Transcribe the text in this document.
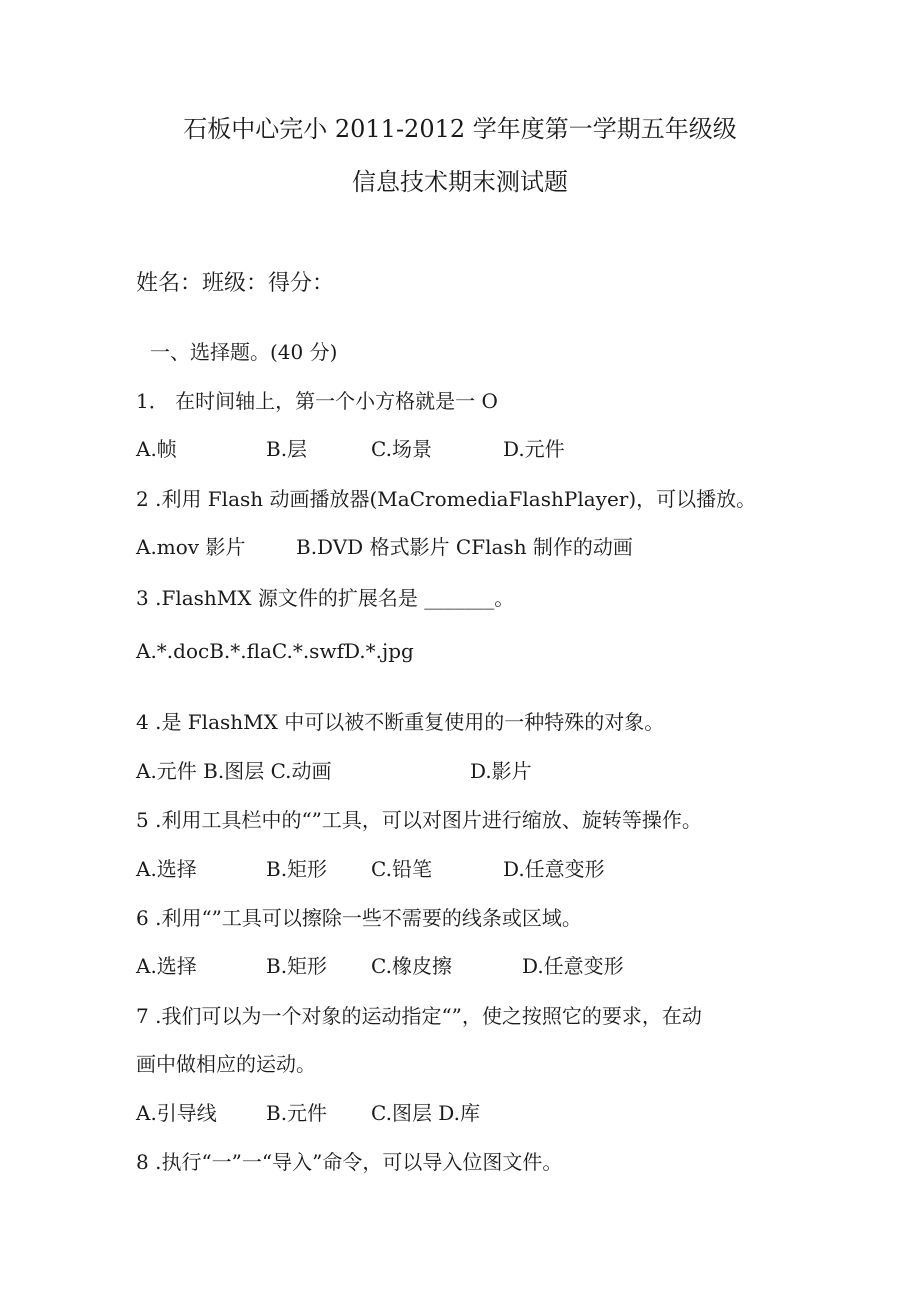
石板中心完小 2011-2012 学年度第一学期五年级级
信息技术期末测试题
姓名：班级：得分：
一、选择题。(40 分)
1． 在时间轴上，第一个小方格就是一 O
A.帧	B.层	C.场景	D.元件
2 .利用 Flash 动画播放器(MaCromediaFlashPlayer)，可以播放。
A.mov 影片	B.DVD 格式影片 CFlash 制作的动画
3 .FlashMX 源文件的扩展名是 _______。
A.*.docB.*.flaC.*.swfD.*.jpg
4 .是 FlashMX 中可以被不断重复使用的一种特殊的对象。
A.元件 B.图层 C.动画	D.影片
5 .利用工具栏中的“”工具，可以对图片进行缩放、旋转等操作。
A.选择	B.矩形 C.铅笔	D.任意变形
6 .利用“”工具可以擦除一些不需要的线条或区域。
A.选择	B.矩形 C.橡皮擦	D.任意变形
7 .我们可以为一个对象的运动指定“”，使之按照它的要求，在动
画中做相应的运动。
A.引导线 B.元件 C.图层 D.库
8 .执行“一”一“导入”命令，可以导入位图文件。
